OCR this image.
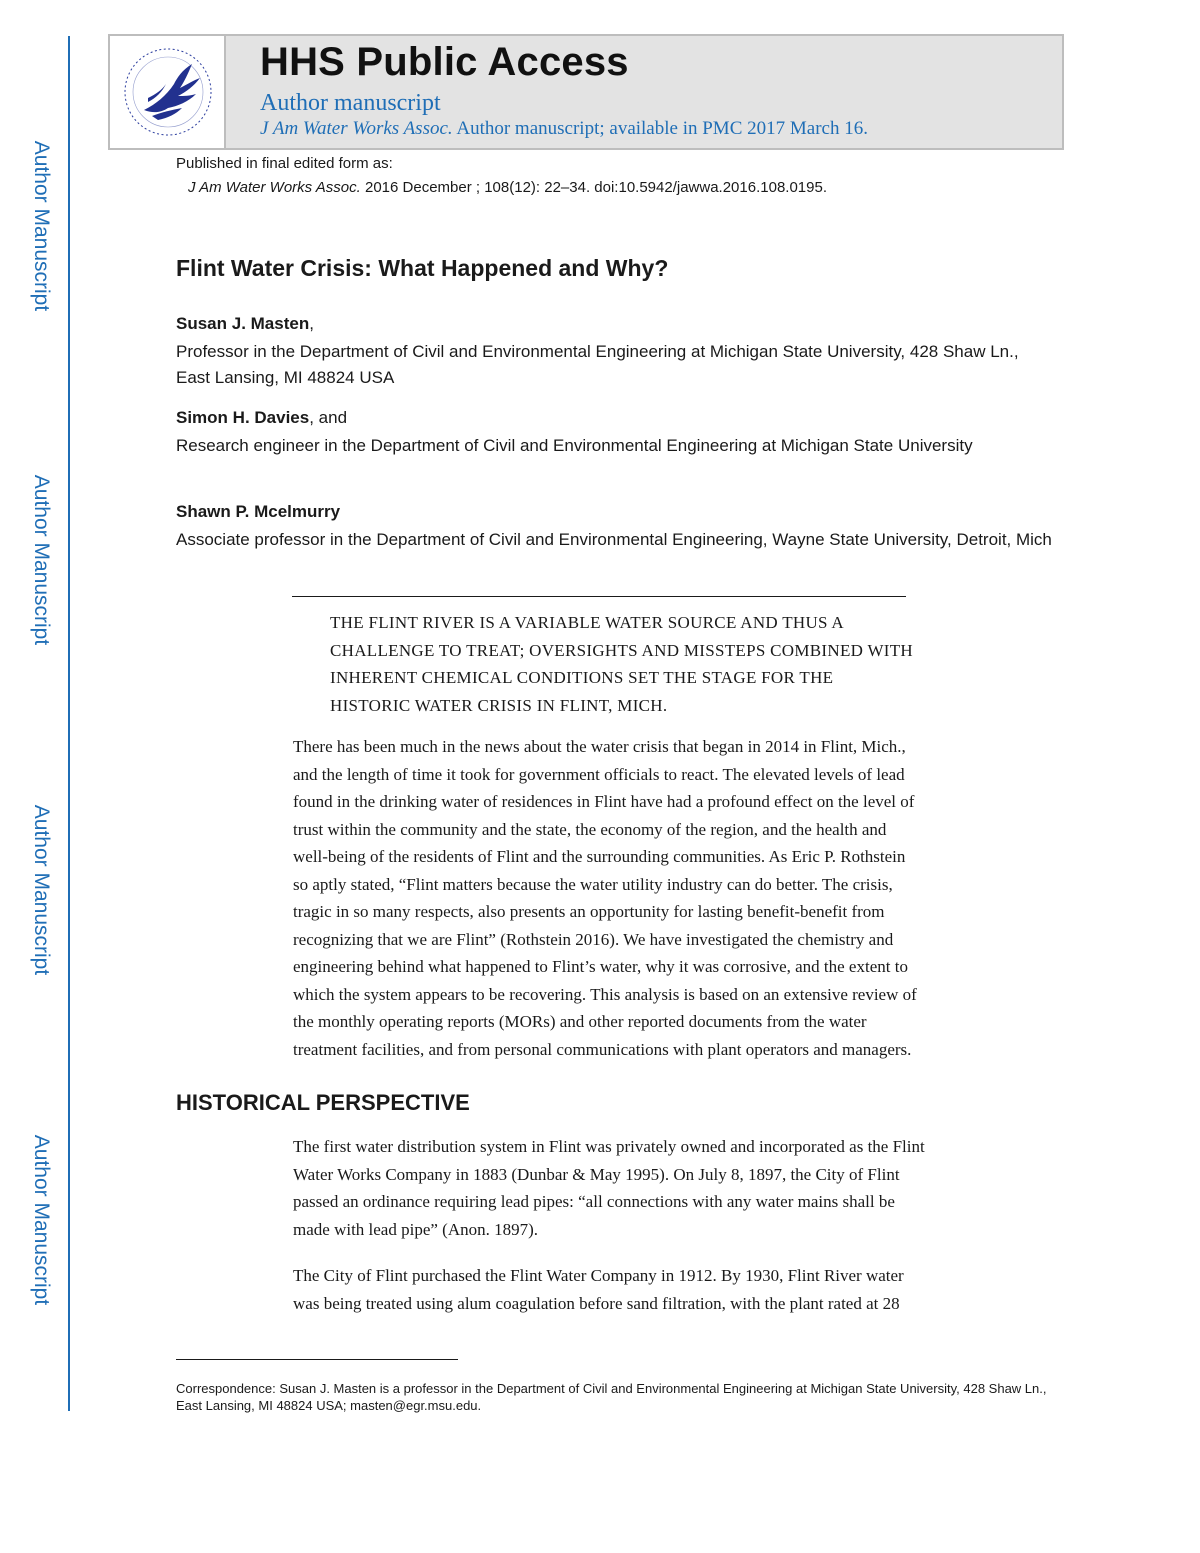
Author Manuscript
Author Manuscript
Author Manuscript
Author Manuscript
HHS Public Access
Author manuscript
J Am Water Works Assoc. Author manuscript; available in PMC 2017 March 16.
Published in final edited form as:
J Am Water Works Assoc. 2016 December ; 108(12): 22–34. doi:10.5942/jawwa.2016.108.0195.
Flint Water Crisis: What Happened and Why?
Susan J. Masten,
Professor in the Department of Civil and Environmental Engineering at Michigan State University, 428 Shaw Ln., East Lansing, MI 48824 USA
Simon H. Davies, and
Research engineer in the Department of Civil and Environmental Engineering at Michigan State University
Shawn P. Mcelmurry
Associate professor in the Department of Civil and Environmental Engineering, Wayne State University, Detroit, Mich
THE FLINT RIVER IS A VARIABLE WATER SOURCE AND THUS A
CHALLENGE TO TREAT; OVERSIGHTS AND MISSTEPS COMBINED WITH
INHERENT CHEMICAL CONDITIONS SET THE STAGE FOR THE
HISTORIC WATER CRISIS IN FLINT, MICH.
There has been much in the news about the water crisis that began in 2014 in Flint, Mich.,
and the length of time it took for government officials to react. The elevated levels of lead
found in the drinking water of residences in Flint have had a profound effect on the level of
trust within the community and the state, the economy of the region, and the health and
well-being of the residents of Flint and the surrounding communities. As Eric P. Rothstein
so aptly stated, “Flint matters because the water utility industry can do better. The crisis,
tragic in so many respects, also presents an opportunity for lasting benefit-benefit from
recognizing that we are Flint” (Rothstein 2016). We have investigated the chemistry and
engineering behind what happened to Flint’s water, why it was corrosive, and the extent to
which the system appears to be recovering. This analysis is based on an extensive review of
the monthly operating reports (MORs) and other reported documents from the water
treatment facilities, and from personal communications with plant operators and managers.
HISTORICAL PERSPECTIVE
The first water distribution system in Flint was privately owned and incorporated as the Flint
Water Works Company in 1883 (Dunbar & May 1995). On July 8, 1897, the City of Flint
passed an ordinance requiring lead pipes: “all connections with any water mains shall be
made with lead pipe” (Anon. 1897).
The City of Flint purchased the Flint Water Company in 1912. By 1930, Flint River water
was being treated using alum coagulation before sand filtration, with the plant rated at 28
Correspondence: Susan J. Masten is a professor in the Department of Civil and Environmental Engineering at Michigan State University, 428 Shaw Ln., East Lansing, MI 48824 USA; masten@egr.msu.edu.
